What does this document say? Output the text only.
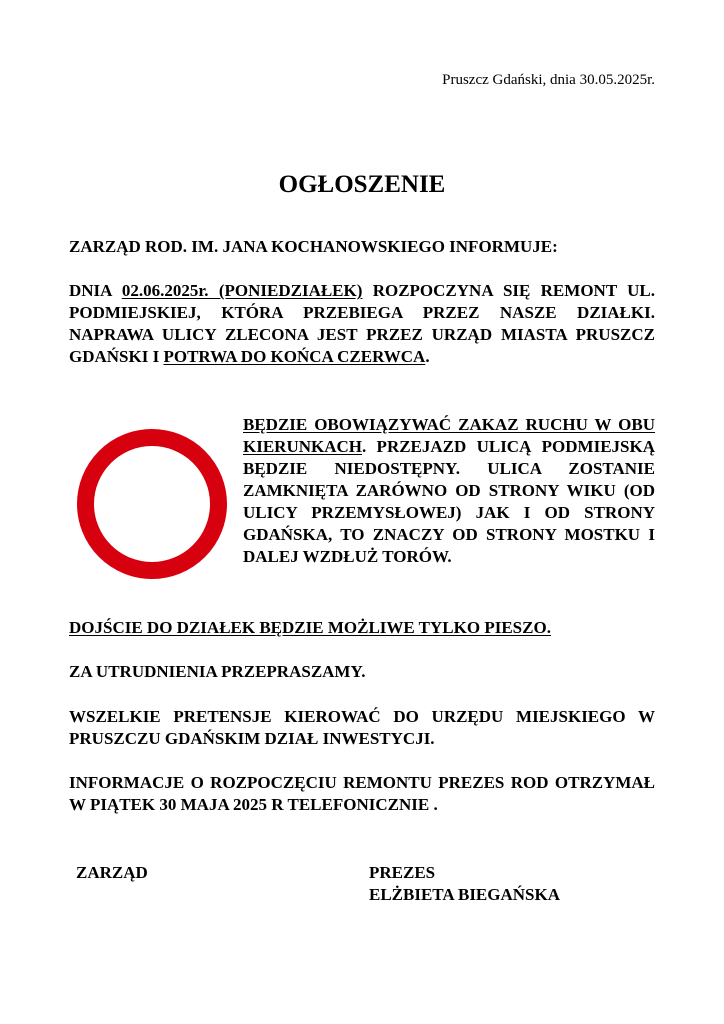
Pruszcz Gdański, dnia 30.05.2025r.
OGŁOSZENIE
ZARZĄD ROD. IM. JANA KOCHANOWSKIEGO INFORMUJE:
DNIA 02.06.2025r. (PONIEDZIAŁEK) ROZPOCZYNA SIĘ REMONT UL. PODMIEJSKIEJ, KTÓRA PRZEBIEGA PRZEZ NASZE DZIAŁKI. NAPRAWA ULICY ZLECONA JEST PRZEZ URZĄD MIASTA PRUSZCZ GDAŃSKI I POTRWA DO KOŃCA CZERWCA.
BĘDZIE OBOWIĄZYWAĆ ZAKAZ RUCHU W OBU KIERUNKACH. PRZEJAZD ULICĄ PODMIEJSKĄ BĘDZIE NIEDOSTĘPNY. ULICA ZOSTANIE ZAMKNIĘTA ZARÓWNO OD STRONY WIKU (OD ULICY PRZEMYSŁOWEJ) JAK I OD STRONY GDAŃSKA, TO ZNACZY OD STRONY MOSTKU I DALEJ WZDŁUŻ TORÓW.
DOJŚCIE DO DZIAŁEK BĘDZIE MOŻLIWE TYLKO PIESZO.
ZA UTRUDNIENIA PRZEPRASZAMY.
WSZELKIE PRETENSJE KIEROWAĆ DO URZĘDU MIEJSKIEGO W PRUSZCZU GDAŃSKIM DZIAŁ INWESTYCJI.
INFORMACJE O ROZPOCZĘCIU REMONTU PREZES ROD OTRZYMAŁ W PIĄTEK 30 MAJA 2025 R TELEFONICZNIE .
ZARZĄD	PREZES
ELŻBIETA BIEGAŃSKA
